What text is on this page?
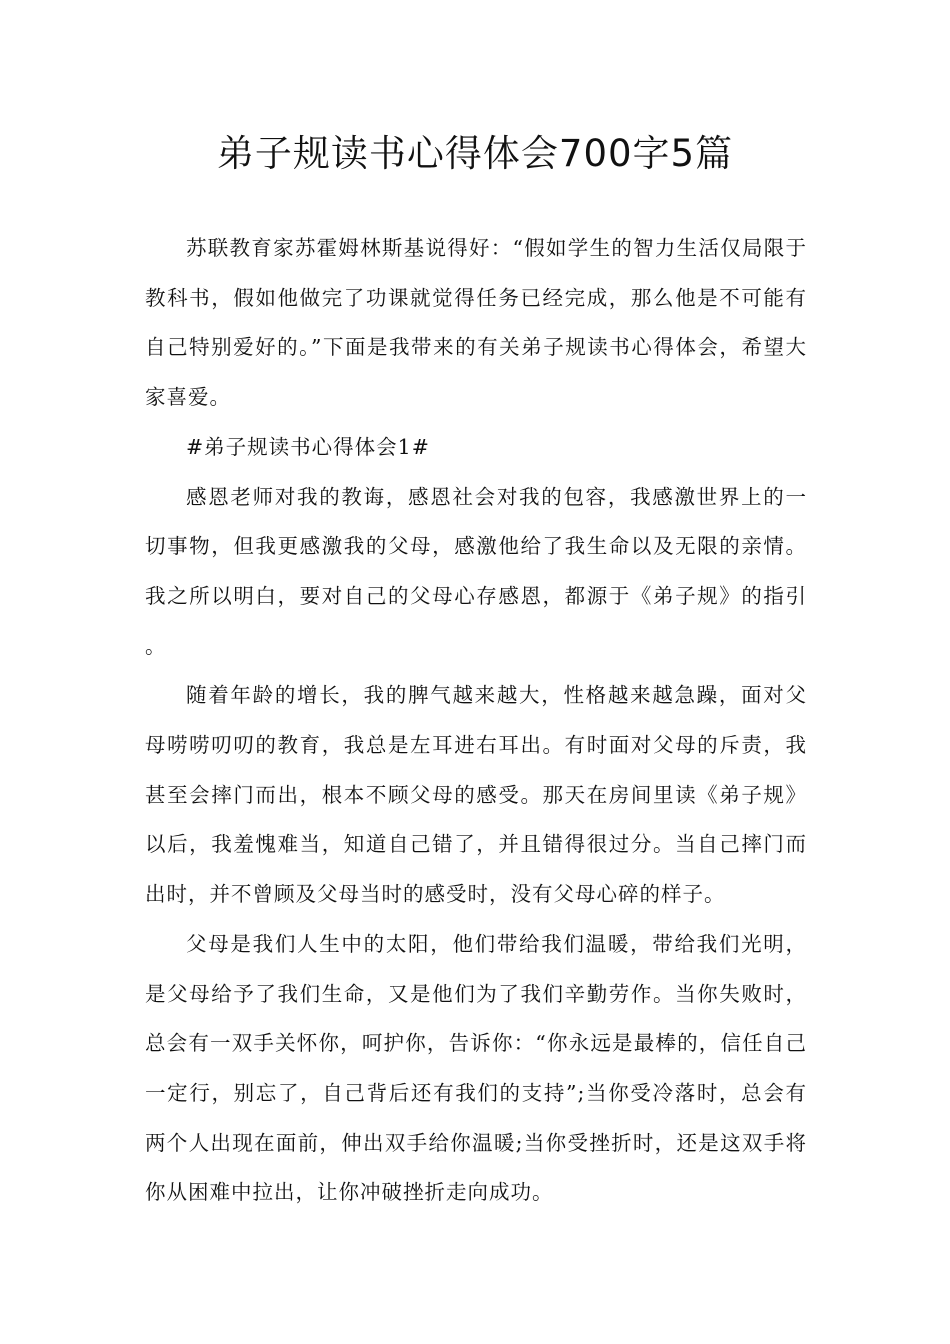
弟子规读书心得体会700字5篇

苏联教育家苏霍姆林斯基说得好：“假如学生的智力生活仅局限于教科书，假如他做完了功课就觉得任务已经完成，那么他是不可能有自己特别爱好的。”下面是我带来的有关弟子规读书心得体会，希望大家喜爱。

#弟子规读书心得体会1#

感恩老师对我的教诲，感恩社会对我的包容，我感激世界上的一切事物，但我更感激我的父母，感激他给了我生命以及无限的亲情。我之所以明白，要对自己的父母心存感恩，都源于《弟子规》的指引。

随着年龄的增长，我的脾气越来越大，性格越来越急躁，面对父母唠唠叨叨的教育，我总是左耳进右耳出。有时面对父母的斥责，我甚至会摔门而出，根本不顾父母的感受。那天在房间里读《弟子规》以后，我羞愧难当，知道自己错了，并且错得很过分。当自己摔门而出时，并不曾顾及父母当时的感受时，没有父母心碎的样子。

父母是我们人生中的太阳，他们带给我们温暖，带给我们光明，是父母给予了我们生命，又是他们为了我们辛勤劳作。当你失败时，总会有一双手关怀你，呵护你，告诉你：“你永远是最棒的，信任自己一定行，别忘了，自己背后还有我们的支持”;当你受冷落时，总会有两个人出现在面前，伸出双手给你温暖;当你受挫折时，还是这双手将你从困难中拉出，让你冲破挫折走向成功。
